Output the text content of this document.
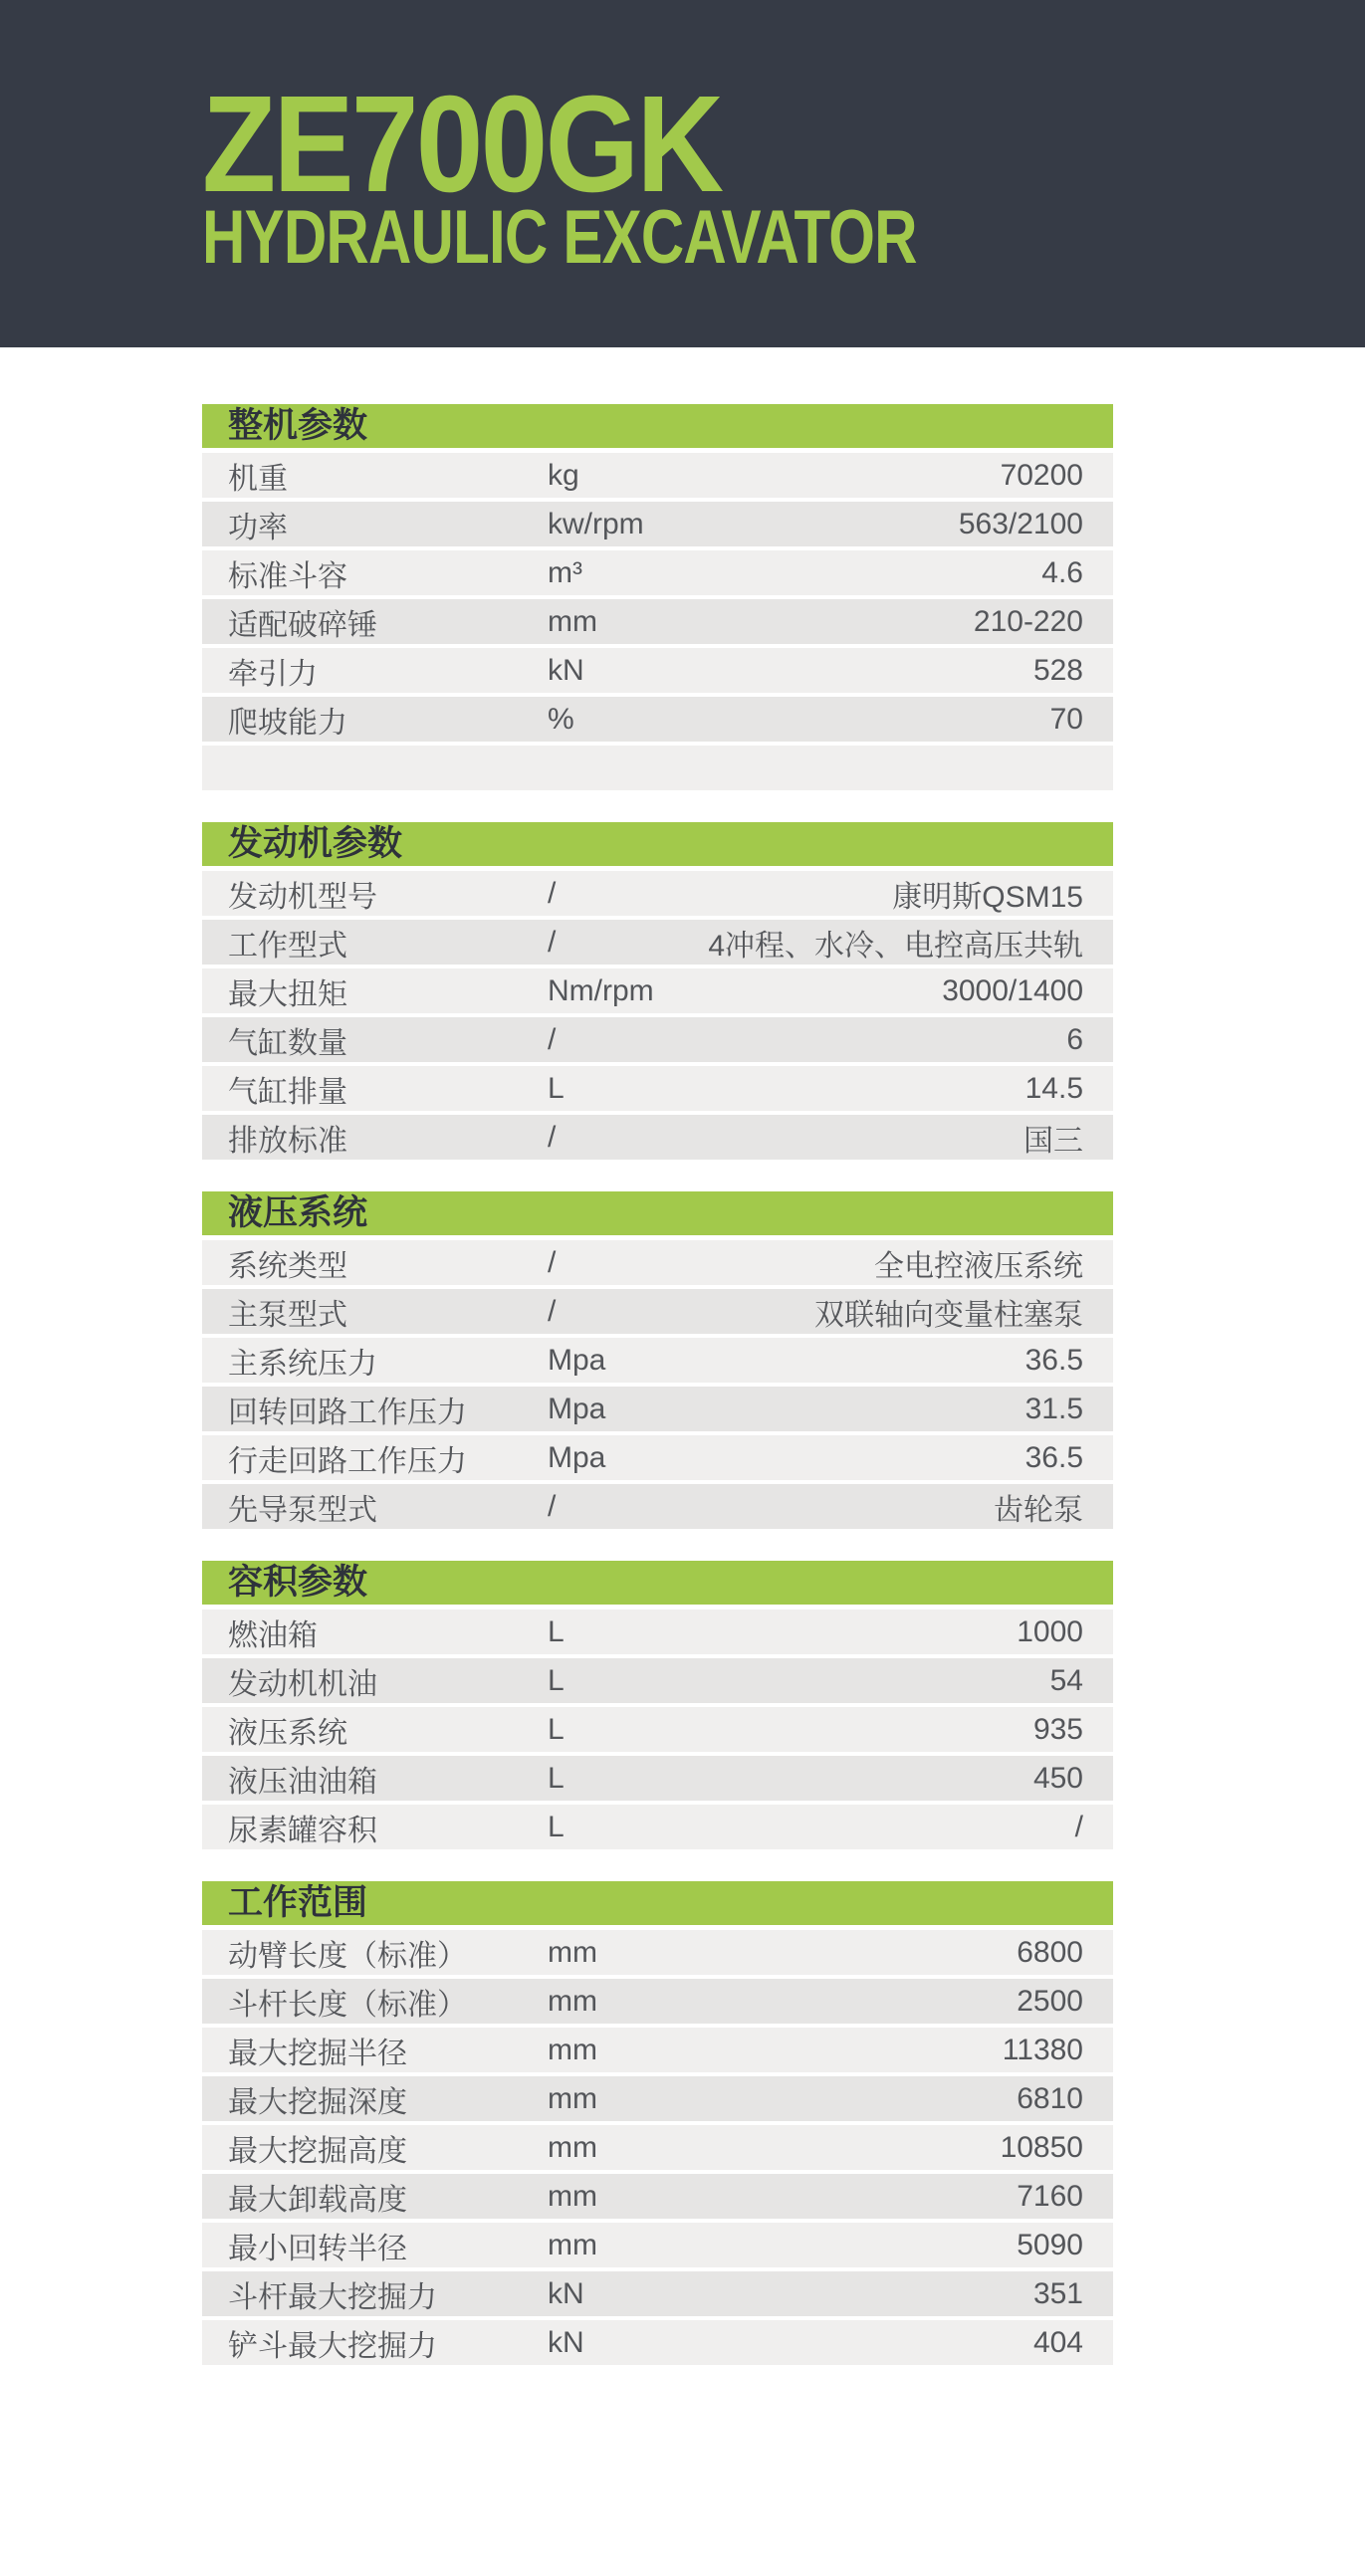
ZE700GK
HYDRAULIC EXCAVATOR
整机参数
机重	kg	70200
功率	kw/rpm	563/2100
标准斗容	m³	4.6
适配破碎锤	mm	210-220
牵引力	kN	528
爬坡能力	%	70
发动机参数
发动机型号	/	康明斯QSM15
工作型式	/	4冲程、水冷、电控高压共轨
最大扭矩	Nm/rpm	3000/1400
气缸数量	/	6
气缸排量	L	14.5
排放标准	/	国三
液压系统
系统类型	/	全电控液压系统
主泵型式	/	双联轴向变量柱塞泵
主系统压力	Mpa	36.5
回转回路工作压力	Mpa	31.5
行走回路工作压力	Mpa	36.5
先导泵型式	/	齿轮泵
容积参数
燃油箱	L	1000
发动机机油	L	54
液压系统	L	935
液压油油箱	L	450
尿素罐容积	L	/
工作范围
动臂长度（标准）	mm	6800
斗杆长度（标准）	mm	2500
最大挖掘半径	mm	11380
最大挖掘深度	mm	6810
最大挖掘高度	mm	10850
最大卸载高度	mm	7160
最小回转半径	mm	5090
斗杆最大挖掘力	kN	351
铲斗最大挖掘力	kN	404
